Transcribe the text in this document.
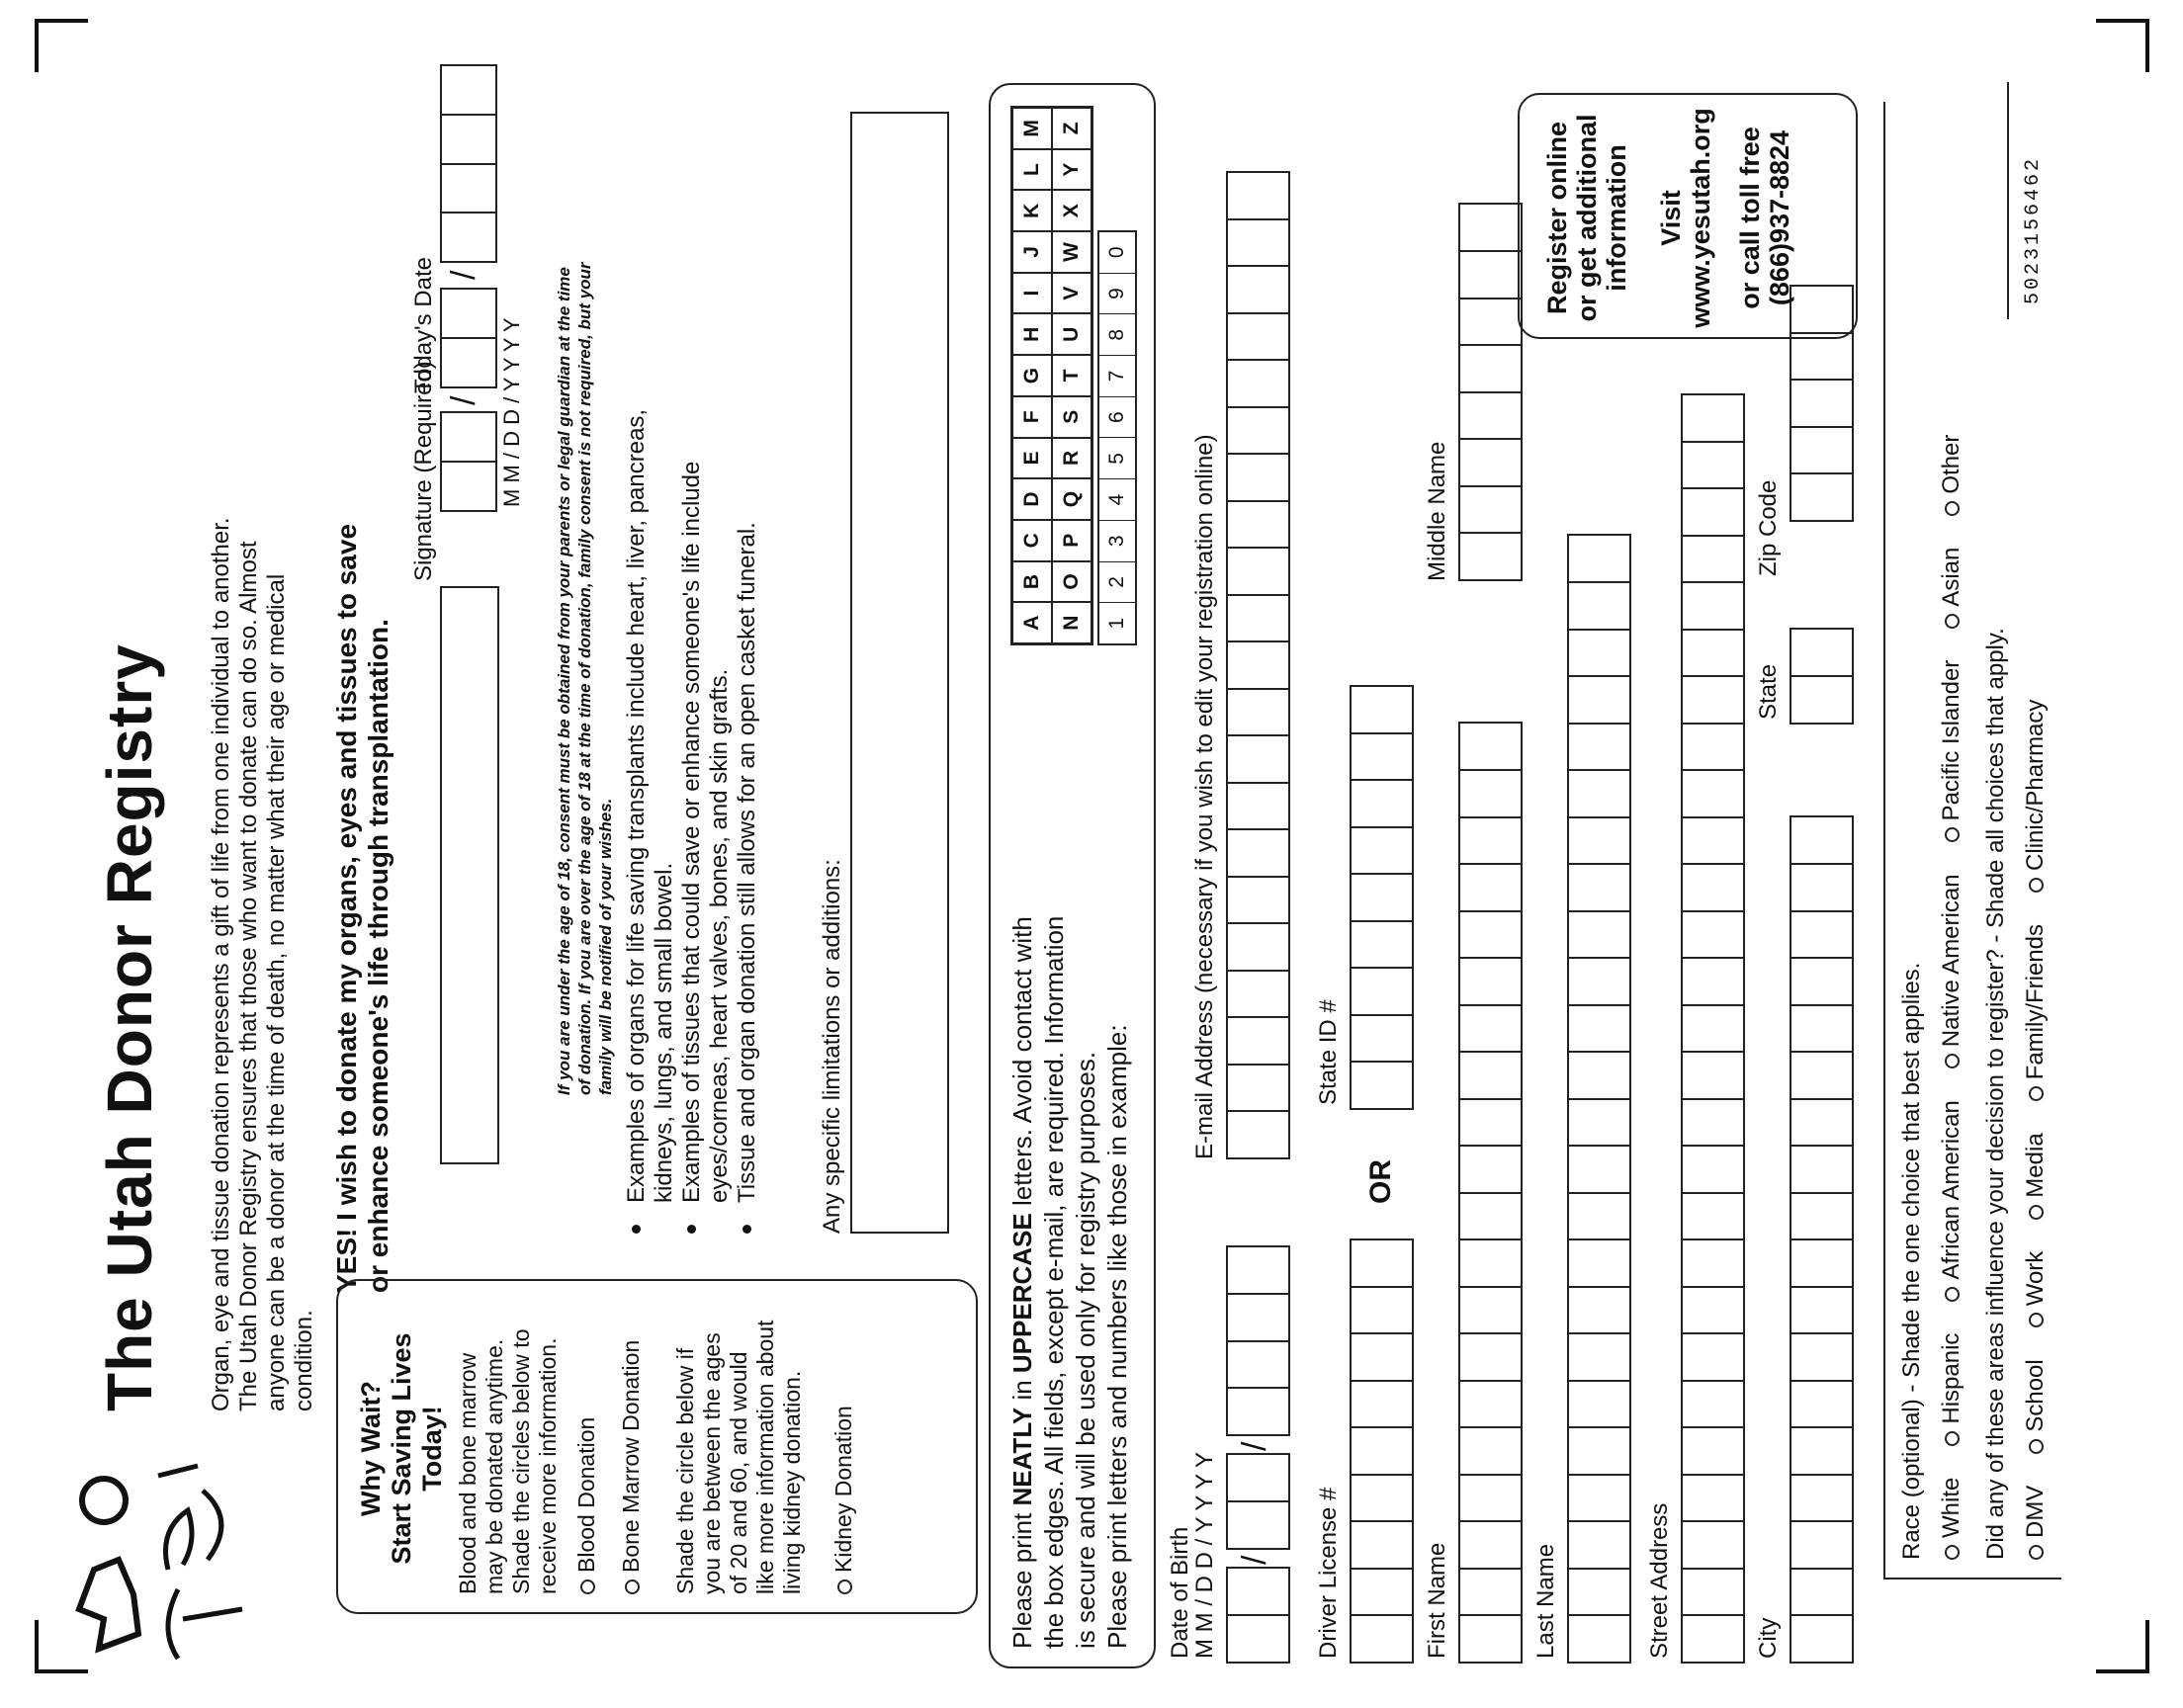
The Utah Donor Registry Organ, eye and tissue donation represents a gift of life from one individual to another. The Utah Donor Registry ensures that those who want to donate can do so. Almost anyone can be a donor at the time of death, no matter what their age or medical condition.
YES! I wish to donate my organs, eyes and tissues to save or enhance someone's life through transplantation.
Signature (Required)
Today's Date
/
/
M M / D D / Y Y Y Y If you are under the age of 18, consent must be obtained from your parents or legal guardian at the time of donation. If you are over the age of 18 at the time of donation, family consent is not required, but your family will be notified of your wishes. Examples of organs for life saving transplants include heart, liver, pancreas, kidneys, lungs, and small bowel. Examples of tissues that could save or enhance someone's life include eyes/corneas, heart valves, bones, and skin grafts. Tissue and organ donation still allows for an open casket funeral. Any specific limitations or additions:
Why Wait? Start Saving Lives Today! Blood and bone marrow may be donated anytime. Shade the circles below to receive more information. Blood Donation Bone Marrow Donation Shade the circle below if you are between the ages of 20 and 60, and would like more information about living kidney donation. Kidney Donation
Please print NEATLY in UPPERCASE letters. Avoid contact with the box edges. All fields, except e-mail, are required. Information is secure and will be used only for registry purposes. Please print letters and numbers like those in example:
A
B
C
D
E
F
G
H
I
J
K
L
M
N
O
P
Q
R
S
T
U
V
W
X
Y
Z
1
2
3
4
5
6
7
8
9
0
Date of Birth
M M / D D / Y Y Y Y /
/
E-mail Address (necessary if you wish to edit your registration online)
Driver License #
OR
State ID #
First Name
Middle Name
Last Name	Street Address	City
State
Zip Code
Register online or get additional information Visit www.yesutah.org or call toll free (866)937-8824
Race (optional) - Shade the one choice that best applies. White
Hispanic
African American
Native American
Pacific Islander
Asian
Other
Did any of these areas influence your decision to register? - Shade all choices that apply. DMV
School
Work
Media
Family/Friends
Clinic/Pharmacy
5023156462
